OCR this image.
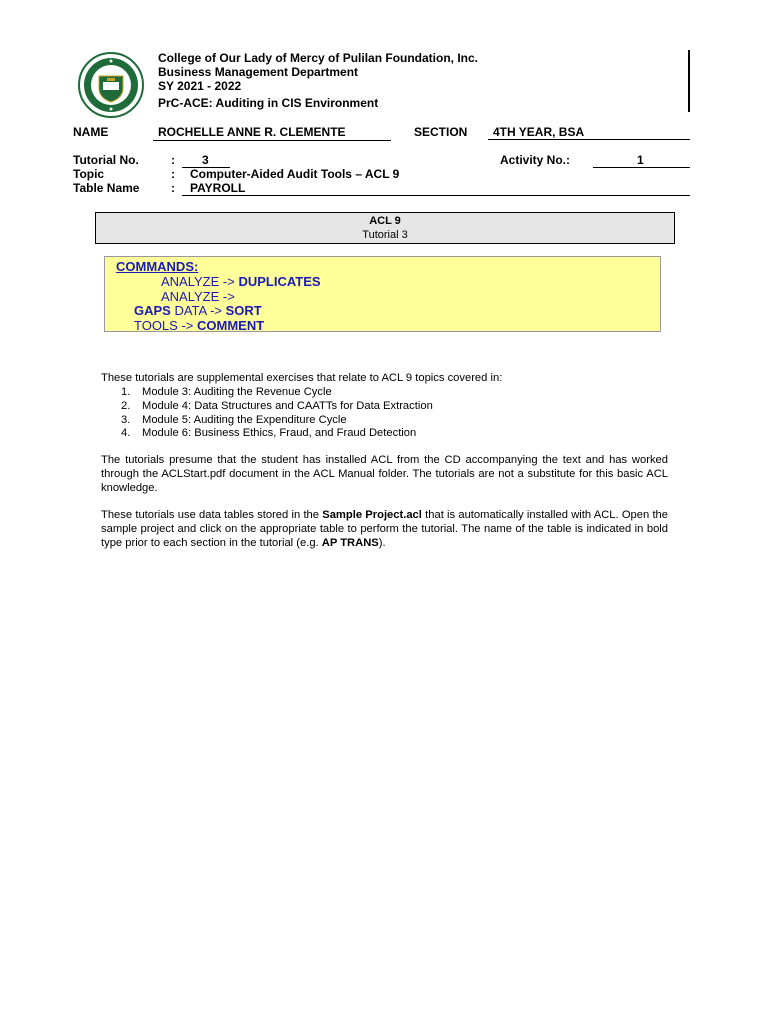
College of Our Lady of Mercy of Pulilan Foundation, Inc.
Business Management Department
SY 2021 - 2022
PrC-ACE: Auditing in CIS Environment
NAME	ROCHELLE ANNE R. CLEMENTE	SECTION 4TH YEAR, BSA
Tutorial No.	: 3	Activity No.:	1
Topic	: Computer-Aided Audit Tools – ACL 9
Table Name	: PAYROLL
ACL 9
Tutorial 3
COMMANDS:
ANALYZE -> DUPLICATES
ANALYZE ->
GAPS DATA -> SORT
TOOLS -> COMMENT
These tutorials are supplemental exercises that relate to ACL 9 topics covered in:
1. Module 3: Auditing the Revenue Cycle
2. Module 4: Data Structures and CAATTs for Data Extraction
3. Module 5: Auditing the Expenditure Cycle
4. Module 6: Business Ethics, Fraud, and Fraud Detection
The tutorials presume that the student has installed ACL from the CD accompanying the text and has worked through the ACLStart.pdf document in the ACL Manual folder. The tutorials are not a substitute for this basic ACL knowledge.
These tutorials use data tables stored in the Sample Project.acl that is automatically installed with ACL. Open the sample project and click on the appropriate table to perform the tutorial. The name of the table is indicated in bold type prior to each section in the tutorial (e.g. AP TRANS).
